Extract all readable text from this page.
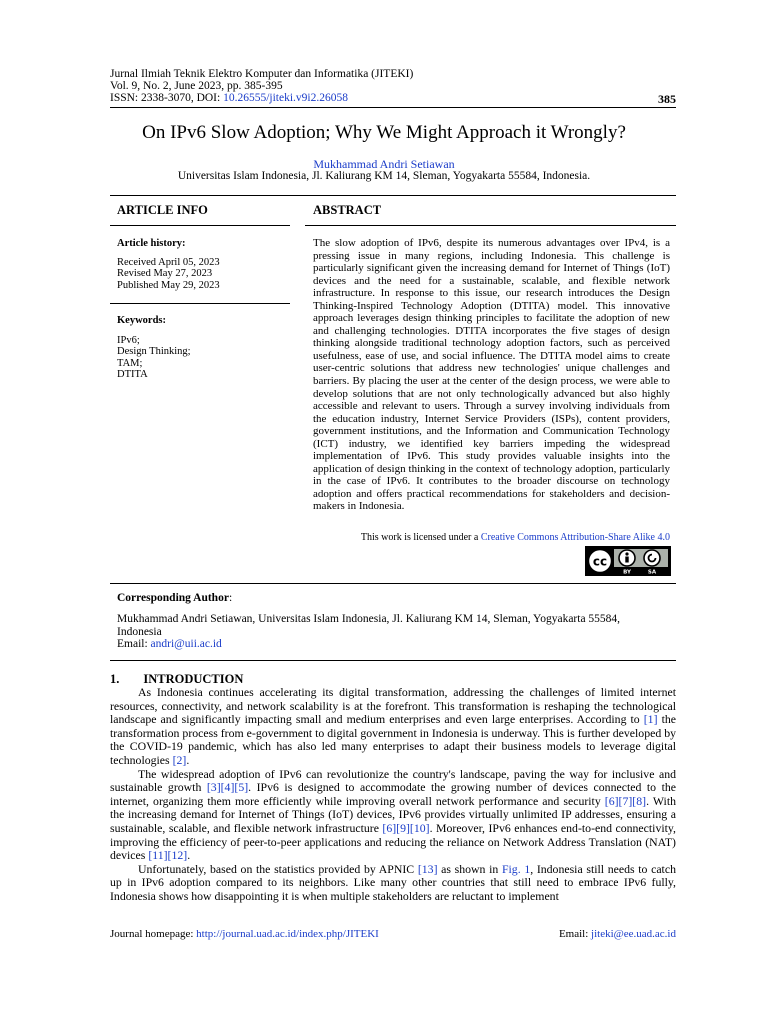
Jurnal Ilmiah Teknik Elektro Komputer dan Informatika (JITEKI)
Vol. 9, No. 2, June 2023, pp. 385-395
ISSN: 2338-3070, DOI: 10.26555/jiteki.v9i2.26058	385
On IPv6 Slow Adoption; Why We Might Approach it Wrongly?
Mukhammad Andri Setiawan
Universitas Islam Indonesia, Jl. Kaliurang KM 14, Sleman, Yogyakarta 55584, Indonesia.
ARTICLE INFO	ABSTRACT
Article history:
Received April 05, 2023
Revised May 27, 2023
Published May 29, 2023
Keywords:
IPv6;
Design Thinking;
TAM;
DTITA
The slow adoption of IPv6, despite its numerous advantages over IPv4, is a pressing issue in many regions, including Indonesia. This challenge is particularly significant given the increasing demand for Internet of Things (IoT) devices and the need for a sustainable, scalable, and flexible network infrastructure. In response to this issue, our research introduces the Design Thinking-Inspired Technology Adoption (DTITA) model. This innovative approach leverages design thinking principles to facilitate the adoption of new and challenging technologies. DTITA incorporates the five stages of design thinking alongside traditional technology adoption factors, such as perceived usefulness, ease of use, and social influence. The DTITA model aims to create user-centric solutions that address new technologies' unique challenges and barriers. By placing the user at the center of the design process, we were able to develop solutions that are not only technologically advanced but also highly accessible and relevant to users. Through a survey involving individuals from the education industry, Internet Service Providers (ISPs), content providers, government institutions, and the Information and Communication Technology (ICT) industry, we identified key barriers impeding the widespread implementation of IPv6. This study provides valuable insights into the application of design thinking in the context of technology adoption, particularly in the case of IPv6. It contributes to the broader discourse on technology adoption and offers practical recommendations for stakeholders and decision-makers in Indonesia.
This work is licensed under a Creative Commons Attribution-Share Alike 4.0
cc
BY	SA
Corresponding Author:
Mukhammad Andri Setiawan, Universitas Islam Indonesia, Jl. Kaliurang KM 14, Sleman, Yogyakarta 55584,
Indonesia
Email: andri@uii.ac.id
1. INTRODUCTION

As Indonesia continues accelerating its digital transformation, addressing the challenges of limited internet resources, connectivity, and network scalability is at the forefront. This transformation is reshaping the technological landscape and significantly impacting small and medium enterprises and even large enterprises. According to [1] the transformation process from e-government to digital government in Indonesia is underway. This is further developed by the COVID-19 pandemic, which has also led many enterprises to adapt their business models to leverage digital technologies [2].

The widespread adoption of IPv6 can revolutionize the country's landscape, paving the way for inclusive and sustainable growth [3][4][5]. IPv6 is designed to accommodate the growing number of devices connected to the internet, organizing them more efficiently while improving overall network performance and security [6][7][8]. With the increasing demand for Internet of Things (IoT) devices, IPv6 provides virtually unlimited IP addresses, ensuring a sustainable, scalable, and flexible network infrastructure [6][9][10]. Moreover, IPv6 enhances end-to-end connectivity, improving the efficiency of peer-to-peer applications and reducing the reliance on Network Address Translation (NAT) devices [11][12].

Unfortunately, based on the statistics provided by APNIC [13] as shown in Fig. 1, Indonesia still needs to catch up in IPv6 adoption compared to its neighbors. Like many other countries that still need to embrace IPv6 fully, Indonesia shows how disappointing it is when multiple stakeholders are reluctant to implement

Journal homepage: http://journal.uad.ac.id/index.php/JITEKI	Email: jiteki@ee.uad.ac.id
